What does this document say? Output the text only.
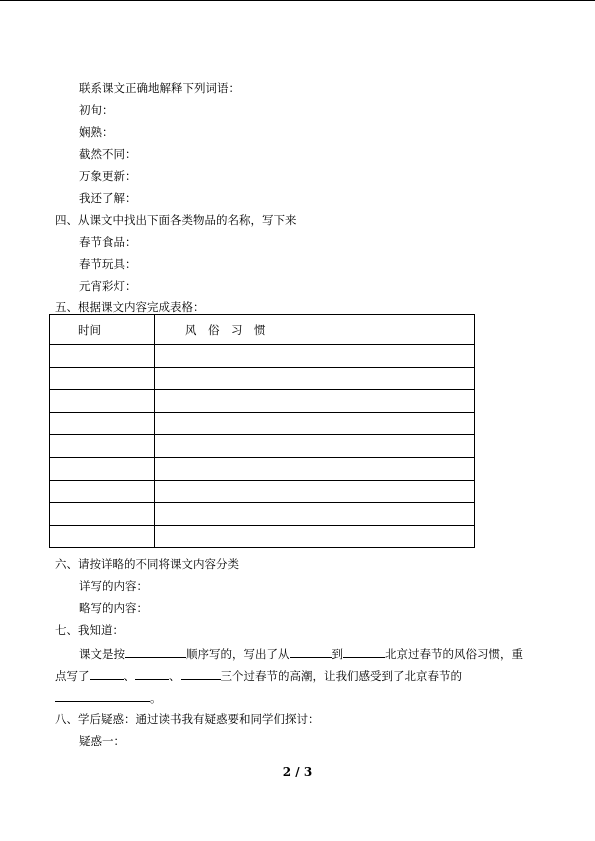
联系课文正确地解释下列词语：
初旬：
娴熟：
截然不同：
万象更新：
我还了解：
四、从课文中找出下面各类物品的名称，写下来
春节食品：
春节玩具：
元宵彩灯：
五、根据课文内容完成表格：
时间	风　俗　习　惯

六、请按详略的不同将课文内容分类
详写的内容：
略写的内容：
七、我知道：
课文是按	顺序写的，写出了从	到	北京过春节的风俗习惯，重
点写了	、	、	三个过春节的高潮，让我们感受到了北京春节的
。
八、学后疑惑：通过读书我有疑惑要和同学们探讨：
疑惑一：
2 / 3
